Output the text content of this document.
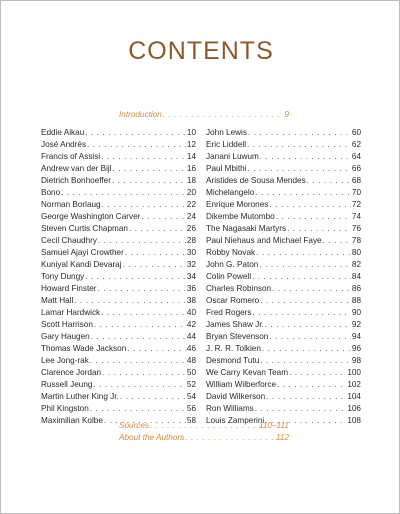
CONTENTS
Introduction . . .	9
Eddie Aikau . . .	10
José Andrés . . .	12
Francis of Assisi . . .	14
Andrew van der Bijl . . .	16
Dietrich Bonhoeffer . . .	18
Bono . . .	20
Norman Borlaug . . .	22
George Washington Carver . . .	24
Steven Curtis Chapman . . .	26
Cecil Chaudhry . . .	28
Samuel Ajayi Crowther . . .	30
Kuniyal Kandi Devaraj . . .	32
Tony Dungy . . .	34
Howard Finster . . .	36
Matt Hall . . .	38
Lamar Hardwick . . .	40
Scott Harrison . . .	42
Gary Haugen . . .	44
Thomas Wade Jackson . . .	46
Lee Jong-rak . . .	48
Clarence Jordan . . .	50
Russell Jeung . . .	52
Martin Luther King Jr. . . .	54
Phil Kingston . . .	56
Maximilian Kolbe . . .	58
John Lewis . . .	60
Eric Liddell . . .	62
Janani Luwum . . .	64
Paul Mbithi . . .	66
Aristides de Sousa Mendes . . .	68
Michelangelo . . .	70
Enrique Morones . . .	72
Dikembe Mutombo . . .	74
The Nagasaki Martyrs . . .	76
Paul Niehaus and Michael Faye . . .	78
Robby Novak . . .	80
John G. Paton . . .	82
Colin Powell . . .	84
Charles Robinson . . .	86
Oscar Romero . . .	88
Fred Rogers . . .	90
James Shaw Jr. . . .	92
Bryan Stevenson . . .	94
J. R. R. Tolkien . . .	96
Desmond Tutu . . .	98
We Carry Kevan Team . . .	100
William Wilberforce . . .	102
David Wilkerson . . .	104
Ron Williams . . .	106
Louis Zamperini . . .	108
Sources . . .	110–111
About the Authors . . .	112
